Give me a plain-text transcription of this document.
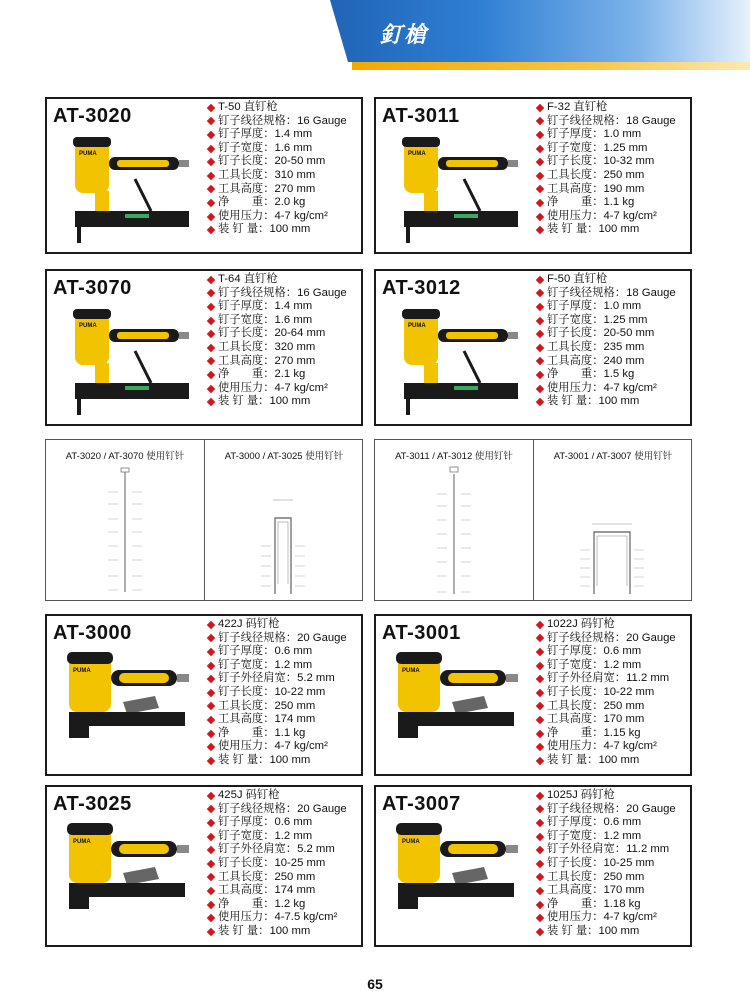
釘槍
AT-3020
PUMA
T-50 直钉枪
钉子线径规格：16 Gauge
钉子厚度：1.4 mm
钉子宽度：1.6 mm
钉子长度：20-50 mm
工具长度：310 mm
工具高度：270 mm
净　　重：2.0 kg
使用压力：4-7 kg/cm²
装 钉 量：100 mm
AT-3011
PUMA
F-32 直钉枪
钉子线径规格：18 Gauge
钉子厚度：1.0 mm
钉子宽度：1.25 mm
钉子长度：10-32 mm
工具长度：250 mm
工具高度：190 mm
净　　重：1.1 kg
使用压力：4-7 kg/cm²
装 钉 量：100 mm
AT-3070
PUMA
T-64 直钉枪
钉子线径规格：16 Gauge
钉子厚度：1.4 mm
钉子宽度：1.6 mm
钉子长度：20-64 mm
工具长度：320 mm
工具高度：270 mm
净　　重：2.1 kg
使用压力：4-7 kg/cm²
装 钉 量：100 mm
AT-3012
PUMA
F-50 直钉枪
钉子线径规格：18 Gauge
钉子厚度：1.0 mm
钉子宽度：1.25 mm
钉子长度：20-50 mm
工具长度：235 mm
工具高度：240 mm
净　　重：1.5 kg
使用压力：4-7 kg/cm²
装 钉 量：100 mm
AT-3020 / AT-3070 使用钉针	AT-3000 / AT-3025 使用钉针	AT-3011 / AT-3012 使用钉针	AT-3001 / AT-3007 使用钉针
AT-3000
PUMA
422J 码钉枪
钉子线径规格：20 Gauge
钉子厚度：0.6 mm
钉子宽度：1.2 mm
钉子外径肩宽：5.2 mm
钉子长度：10-22 mm
工具长度：250 mm
工具高度：174 mm
净　　重：1.1 kg
使用压力：4-7 kg/cm²
装 钉 量：100 mm
AT-3001
PUMA
1022J 码钉枪
钉子线径规格：20 Gauge
钉子厚度：0.6 mm
钉子宽度：1.2 mm
钉子外径肩宽：11.2 mm
钉子长度：10-22 mm
工具长度：250 mm
工具高度：170 mm
净　　重：1.15 kg
使用压力：4-7 kg/cm²
装 钉 量：100 mm
AT-3025
PUMA
425J 码钉枪
钉子线径规格：20 Gauge
钉子厚度：0.6 mm
钉子宽度：1.2 mm
钉子外径肩宽：5.2 mm
钉子长度：10-25 mm
工具长度：250 mm
工具高度：174 mm
净　　重：1.2 kg
使用压力：4-7.5 kg/cm²
装 钉 量：100 mm
AT-3007
PUMA
1025J 码钉枪
钉子线径规格：20 Gauge
钉子厚度：0.6 mm
钉子宽度：1.2 mm
钉子外径肩宽：11.2 mm
钉子长度：10-25 mm
工具长度：250 mm
工具高度：170 mm
净　　重：1.18 kg
使用压力：4-7 kg/cm²
装 钉 量：100 mm
65
